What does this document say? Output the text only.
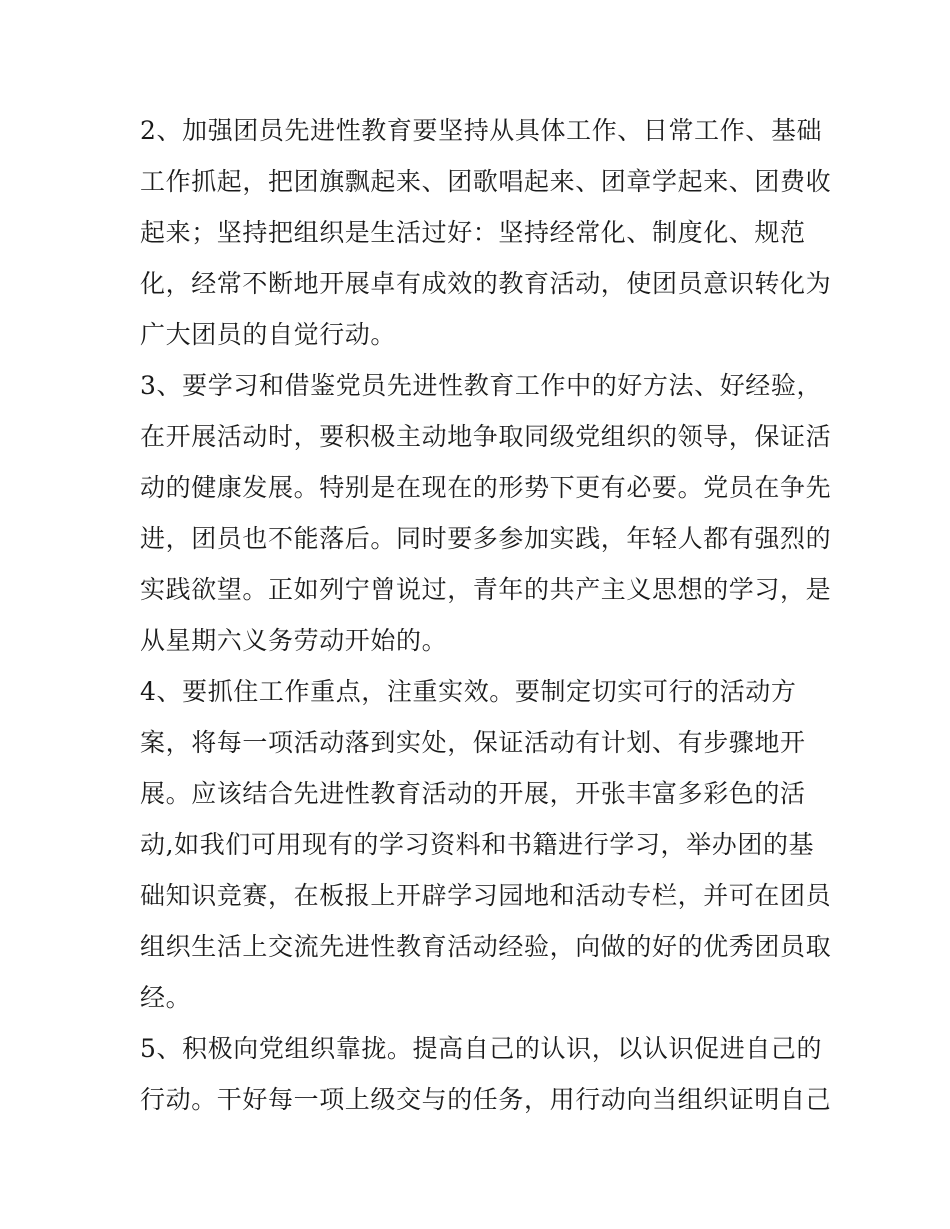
2、加强团员先进性教育要坚持从具体工作、日常工作、基础
工作抓起，把团旗飘起来、团歌唱起来、团章学起来、团费收
起来；坚持把组织是生活过好：坚持经常化、制度化、规范
化，经常不断地开展卓有成效的教育活动，使团员意识转化为
广大团员的自觉行动。
3、要学习和借鉴党员先进性教育工作中的好方法、好经验，
在开展活动时，要积极主动地争取同级党组织的领导，保证活
动的健康发展。特别是在现在的形势下更有必要。党员在争先
进，团员也不能落后。同时要多参加实践，年轻人都有强烈的
实践欲望。正如列宁曾说过，青年的共产主义思想的学习，是
从星期六义务劳动开始的。
4、要抓住工作重点，注重实效。要制定切实可行的活动方
案，将每一项活动落到实处，保证活动有计划、有步骤地开
展。应该结合先进性教育活动的开展，开张丰富多彩色的活
动,如我们可用现有的学习资料和书籍进行学习，举办团的基
础知识竞赛，在板报上开辟学习园地和活动专栏，并可在团员
组织生活上交流先进性教育活动经验，向做的好的优秀团员取
经。
5、积极向党组织靠拢。提高自己的认识，以认识促进自己的
行动。干好每一项上级交与的任务，用行动向当组织证明自己
